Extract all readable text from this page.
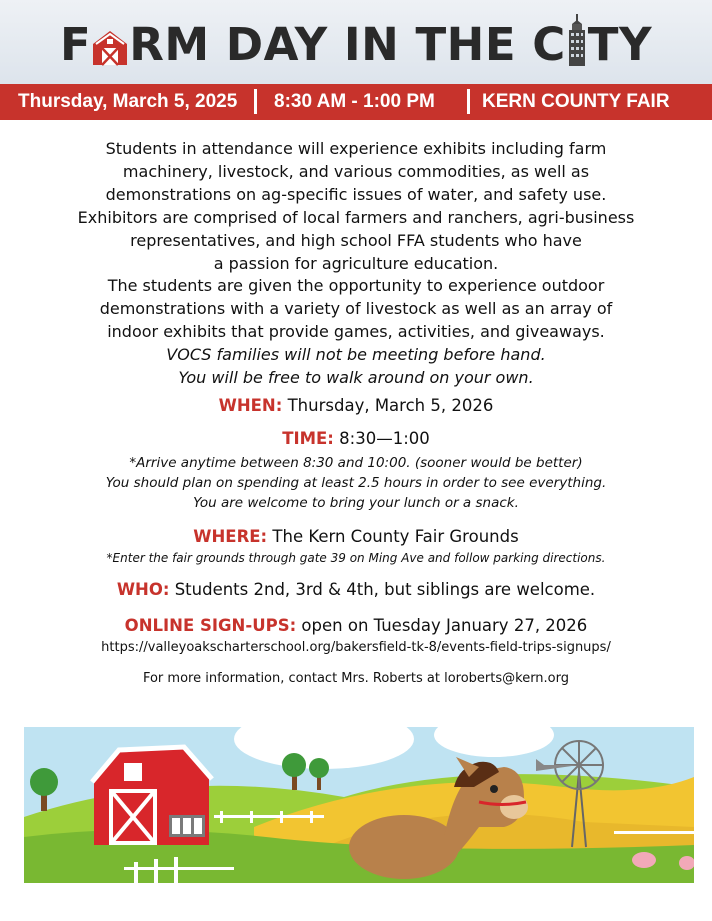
F RM DAY IN THE C TY
Thursday, March 5, 2025 8:30 AM - 1:00 PM KERN COUNTY FAIR

Students in attendance will experience exhibits including farm

machinery, livestock, and various commodities, as well as

demonstrations on ag-specific issues of water, and safety use.

Exhibitors are comprised of local farmers and ranchers, agri-business

representatives, and high school FFA students who have

a passion for agriculture education.

The students are given the opportunity to experience outdoor

demonstrations with a variety of livestock as well as an array of

indoor exhibits that provide games, activities, and giveaways.

VOCS families will not be meeting before hand.

You will be free to walk around on your own.

WHEN: Thursday, March 5, 2026
TIME: 8:30—1:00
*Arrive anytime between 8:30 and 10:00. (sooner would be better)
You should plan on spending at least 2.5 hours in order to see everything.
You are welcome to bring your lunch or a snack.
WHERE: The Kern County Fair Grounds
*Enter the fair grounds through gate 39 on Ming Ave and follow parking directions.
WHO: Students 2nd, 3rd & 4th, but siblings are welcome.
ONLINE SIGN-UPS: open on Tuesday January 27, 2026
https://valleyoakscharterschool.org/bakersfield-tk-8/events-field-trips-signups/
For more information, contact Mrs. Roberts at loroberts@kern.org
